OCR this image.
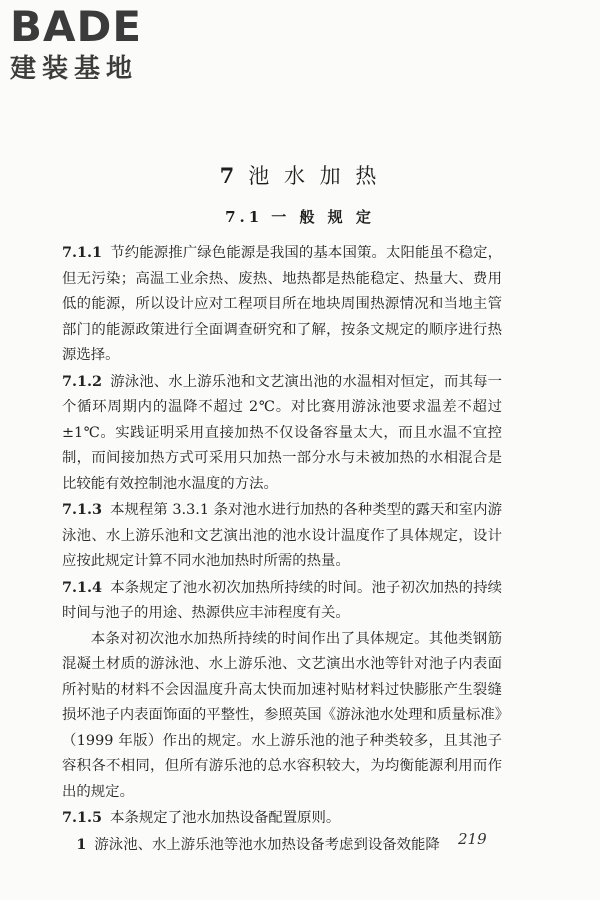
BADE
建装基地
7 池 水 加 热
7.1 一 般 规 定

7.1.1 节约能源推广绿色能源是我国的基本国策。太阳能虽不稳定，但无污染；高温工业余热、废热、地热都是热能稳定、热量大、费用低的能源，所以设计应对工程项目所在地块周围热源情况和当地主管部门的能源政策进行全面调查研究和了解，按条文规定的顺序进行热源选择。

7.1.2 游泳池、水上游乐池和文艺演出池的水温相对恒定，而其每一个循环周期内的温降不超过 2℃。对比赛用游泳池要求温差不超过±1℃。实践证明采用直接加热不仅设备容量太大，而且水温不宜控制，而间接加热方式可采用只加热一部分水与未被加热的水相混合是比较能有效控制池水温度的方法。

7.1.3 本规程第 3.3.1 条对池水进行加热的各种类型的露天和室内游泳池、水上游乐池和文艺演出池的池水设计温度作了具体规定，设计应按此规定计算不同水池加热时所需的热量。

7.1.4 本条规定了池水初次加热所持续的时间。池子初次加热的持续时间与池子的用途、热源供应丰沛程度有关。

本条对初次池水加热所持续的时间作出了具体规定。其他类钢筋混凝土材质的游泳池、水上游乐池、文艺演出水池等针对池子内表面所衬贴的材料不会因温度升高太快而加速衬贴材料过快膨胀产生裂缝损坏池子内表面饰面的平整性，参照英国《游泳池水处理和质量标准》（1999 年版）作出的规定。水上游乐池的池子种类较多，且其池子容积各不相同，但所有游乐池的总水容积较大，为均衡能源利用而作出的规定。

7.1.5 本条规定了池水加热设备配置原则。

1 游泳池、水上游乐池等池水加热设备考虑到设备效能降	219
